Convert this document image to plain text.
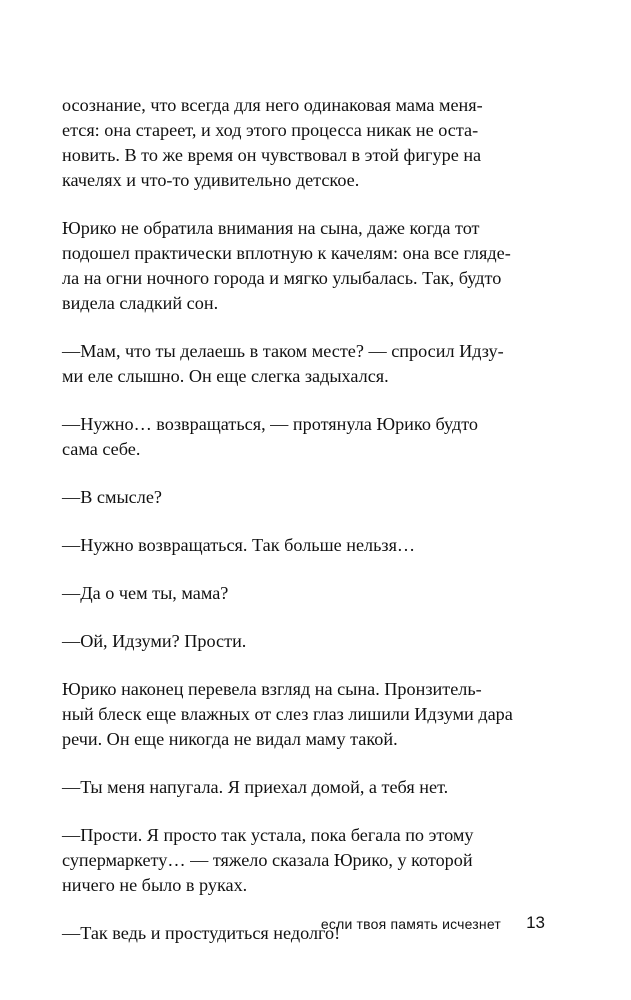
осознание, что всегда для него одинаковая мама меня-
ется: она стареет, и ход этого процесса никак не оста-
новить. В то же время он чувствовал в этой фигуре на
качелях и что-то удивительно детское.
Юрико не обратила внимания на сына, даже когда тот
подошел практически вплотную к качелям: она все гляде-
ла на огни ночного города и мягко улыбалась. Так, будто
видела сладкий сон.
—Мам, что ты делаешь в таком месте? — спросил Идзу-
ми еле слышно. Он еще слегка задыхался.
—Нужно… возвращаться, — протянула Юрико будто
сама себе.
—В смысле?
—Нужно возвращаться. Так больше нельзя…
—Да о чем ты, мама?
—Ой, Идзуми? Прости.
Юрико наконец перевела взгляд на сына. Пронзитель-
ный блеск еще влажных от слез глаз лишили Идзуми дара
речи. Он еще никогда не видал маму такой.
—Ты меня напугала. Я приехал домой, а тебя нет.
—Прости. Я просто так устала, пока бегала по этому
супермаркету… — тяжело сказала Юрико, у которой
ничего не было в руках.
—Так ведь и простудиться недолго!
если твоя память исчезнет 13
